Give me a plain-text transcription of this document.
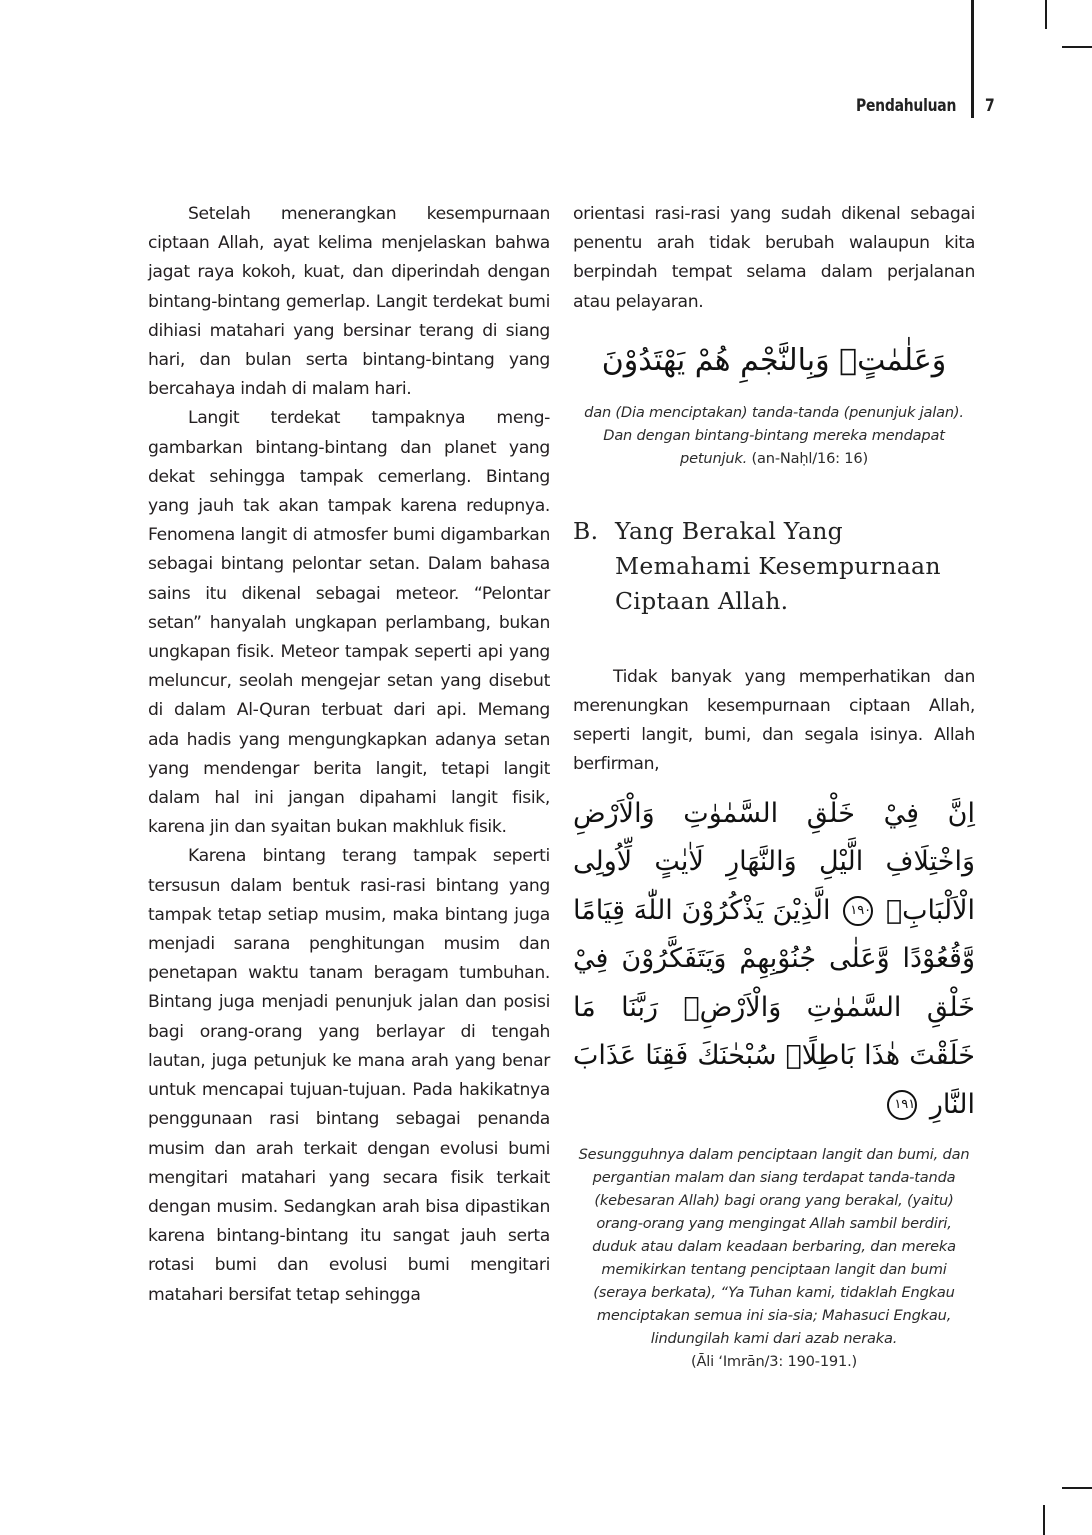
Pendahuluan 7

Setelah menerangkan kesempurnaan ciptaan Allah, ayat kelima menjelaskan bahwa jagat raya kokoh, kuat, dan diperindah dengan bintang-bintang gemerlap. Langit terdekat bumi dihiasi matahari yang bersinar terang di siang hari, dan bulan serta bintang-bintang yang bercahaya indah di malam hari.

Langit terdekat tampaknya meng-gambarkan bintang-bintang dan planet yang dekat sehingga tampak cemerlang. Bintang yang jauh tak akan tampak karena redupnya. Fenomena langit di atmosfer bumi digambarkan sebagai bintang pelontar setan. Dalam bahasa sains itu dikenal sebagai meteor. “Pelontar setan” hanyalah ungkapan perlambang, bukan ungkapan fisik. Meteor tampak seperti api yang meluncur, seolah mengejar setan yang disebut di dalam Al-Quran terbuat dari api. Memang ada hadis yang mengungkapkan adanya setan yang mendengar berita langit, tetapi langit dalam hal ini jangan dipahami langit fisik, karena jin dan syaitan bukan makhluk fisik.

Karena bintang terang tampak seperti tersusun dalam bentuk rasi-rasi bintang yang tampak tetap setiap musim, maka bintang juga menjadi sarana penghitungan musim dan penetapan waktu tanam beragam tumbuhan. Bintang juga menjadi penunjuk jalan dan posisi bagi orang-orang yang berlayar di tengah lautan, juga petunjuk ke mana arah yang benar untuk mencapai tujuan-tujuan. Pada hakikatnya penggunaan rasi bintang sebagai penanda musim dan arah terkait dengan evolusi bumi mengitari matahari yang secara fisik terkait dengan musim. Sedangkan arah bisa dipastikan karena bintang-bintang itu sangat jauh serta rotasi bumi dan evolusi bumi mengitari matahari bersifat tetap sehingga

orientasi rasi-rasi yang sudah dikenal sebagai penentu arah tidak berubah walaupun kita berpindah tempat selama dalam perjalanan atau pelayaran.

وَعَلٰمٰتٍۗ وَبِالنَّجْمِ هُمْ يَهْتَدُوْنَ

dan (Dia menciptakan) tanda-tanda (penunjuk jalan). Dan dengan bintang-bintang mereka mendapat petunjuk. (an-Naḥl/16: 16)

B. Yang Berakal Yang Memahami Kesempurnaan Ciptaan Allah.

Tidak banyak yang memperhatikan dan merenungkan kesempurnaan ciptaan Allah, seperti langit, bumi, dan segala isinya. Allah berfirman,

اِنَّ فِيْ خَلْقِ السَّمٰوٰتِ وَالْاَرْضِ وَاخْتِلَافِ الَّيْلِ وَالنَّهَارِ لَاٰيٰتٍ لِّاُولِى الْاَلْبَابِۙ ١٩٠ الَّذِيْنَ يَذْكُرُوْنَ اللّٰهَ قِيَامًا وَّقُعُوْدًا وَّعَلٰى جُنُوْبِهِمْ وَيَتَفَكَّرُوْنَ فِيْ خَلْقِ السَّمٰوٰتِ وَالْاَرْضِۚ رَبَّنَا مَا خَلَقْتَ هٰذَا بَاطِلًاۚ سُبْحٰنَكَ فَقِنَا عَذَابَ النَّارِ ١٩١

Sesungguhnya dalam penciptaan langit dan bumi, dan pergantian malam dan siang terdapat tanda-tanda (kebesaran Allah) bagi orang yang berakal, (yaitu) orang-orang yang mengingat Allah sambil berdiri, duduk atau dalam keadaan berbaring, dan mereka memikirkan tentang penciptaan langit dan bumi (seraya berkata), “Ya Tuhan kami, tidaklah Engkau menciptakan semua ini sia-sia; Mahasuci Engkau, lindungilah kami dari azab neraka.
(Āli ‘Imrān/3: 190-191.)
